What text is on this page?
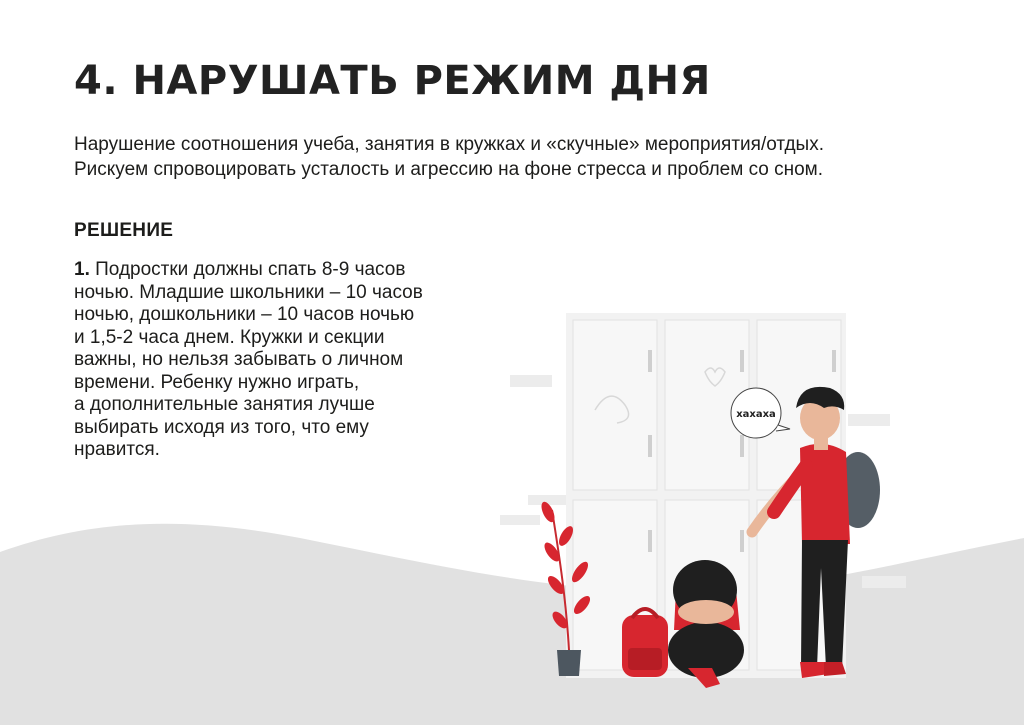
4. НАРУШАТЬ РЕЖИМ ДНЯ

Нарушение соотношения учеба, занятия в кружках и «скучные» мероприятия/отдых.
Рискуем спровоцировать усталость и агрессию на фоне стресса и проблем со сном.

РЕШЕНИЕ

1. Подростки должны спать 8-9 часов
ночью. Младшие школьники – 10 часов
ночью, дошкольники – 10 часов ночью
и 1,5-2 часа днем. Кружки и секции
важны, но нельзя забывать о личном
времени. Ребенку нужно играть,
а дополнительные занятия лучше
выбирать исходя из того, что ему
нравится.

хахаха
